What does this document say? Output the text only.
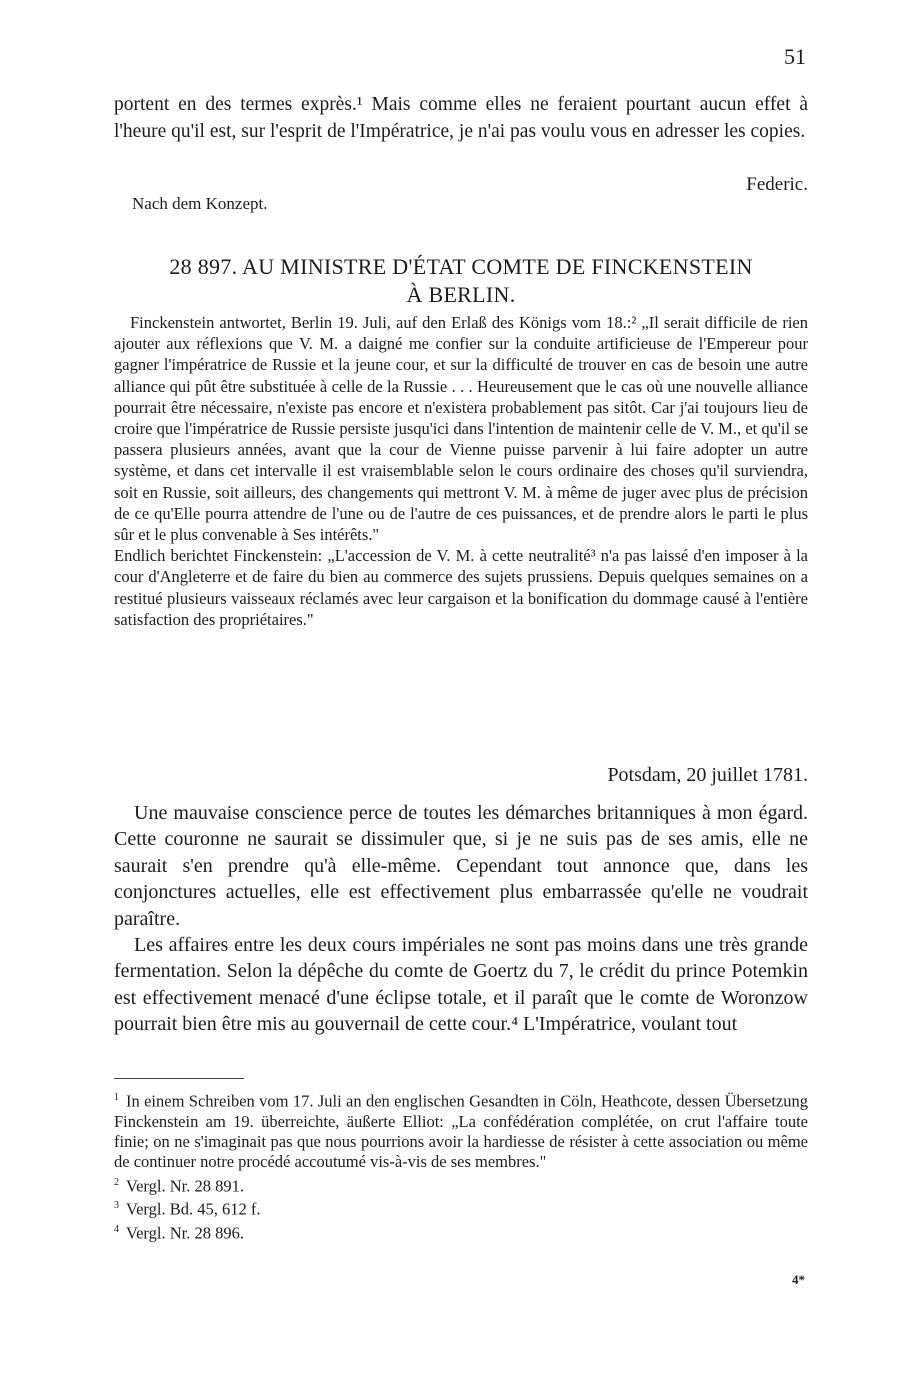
51

portent en des termes exprès.¹ Mais comme elles ne feraient pourtant aucun effet à l'heure qu'il est, sur l'esprit de l'Impératrice, je n'ai pas voulu vous en adresser les copies.

Federic.
Nach dem Konzept.
28 897. AU MINISTRE D'ÉTAT COMTE DE FINCKENSTEIN
À BERLIN.

Finckenstein antwortet, Berlin 19. Juli, auf den Erlaß des Königs vom 18.:² „Il serait difficile de rien ajouter aux réflexions que V. M. a daigné me confier sur la conduite artificieuse de l'Empereur pour gagner l'impératrice de Russie et la jeune cour, et sur la difficulté de trouver en cas de besoin une autre alliance qui pût être substituée à celle de la Russie . . . Heureusement que le cas où une nouvelle alliance pourrait être nécessaire, n'existe pas encore et n'existera probablement pas sitôt. Car j'ai toujours lieu de croire que l'impératrice de Russie persiste jusqu'ici dans l'intention de maintenir celle de V. M., et qu'il se passera plusieurs années, avant que la cour de Vienne puisse parvenir à lui faire adopter un autre système, et dans cet intervalle il est vraisemblable selon le cours ordinaire des choses qu'il surviendra, soit en Russie, soit ailleurs, des changements qui mettront V. M. à même de juger avec plus de précision de ce qu'Elle pourra attendre de l'une ou de l'autre de ces puissances, et de prendre alors le parti le plus sûr et le plus convenable à Ses intérêts."

Endlich berichtet Finckenstein: „L'accession de V. M. à cette neutralité³ n'a pas laissé d'en imposer à la cour d'Angleterre et de faire du bien au commerce des sujets prussiens. Depuis quelques semaines on a restitué plusieurs vaisseaux réclamés avec leur cargaison et la bonification du dommage causé à l'entière satisfaction des propriétaires."

Potsdam, 20 juillet 1781.

Une mauvaise conscience perce de toutes les démarches britanniques à mon égard. Cette couronne ne saurait se dissimuler que, si je ne suis pas de ses amis, elle ne saurait s'en prendre qu'à elle-même. Cependant tout annonce que, dans les conjonctures actuelles, elle est effectivement plus embarrassée qu'elle ne voudrait paraître.

Les affaires entre les deux cours impériales ne sont pas moins dans une très grande fermentation. Selon la dépêche du comte de Goertz du 7, le crédit du prince Potemkin est effectivement menacé d'une éclipse totale, et il paraît que le comte de Woronzow pourrait bien être mis au gouvernail de cette cour.⁴ L'Impératrice, voulant tout

1 In einem Schreiben vom 17. Juli an den englischen Gesandten in Cöln, Heathcote, dessen Übersetzung Finckenstein am 19. überreichte, äußerte Elliot: „La confédération complétée, on crut l'affaire toute finie; on ne s'imaginait pas que nous pourrions avoir la hardiesse de résister à cette association ou même de continuer notre procédé accoutumé vis-à-vis de ses membres."
2 Vergl. Nr. 28 891.
3 Vergl. Bd. 45, 612 f.
4 Vergl. Nr. 28 896.
4*
